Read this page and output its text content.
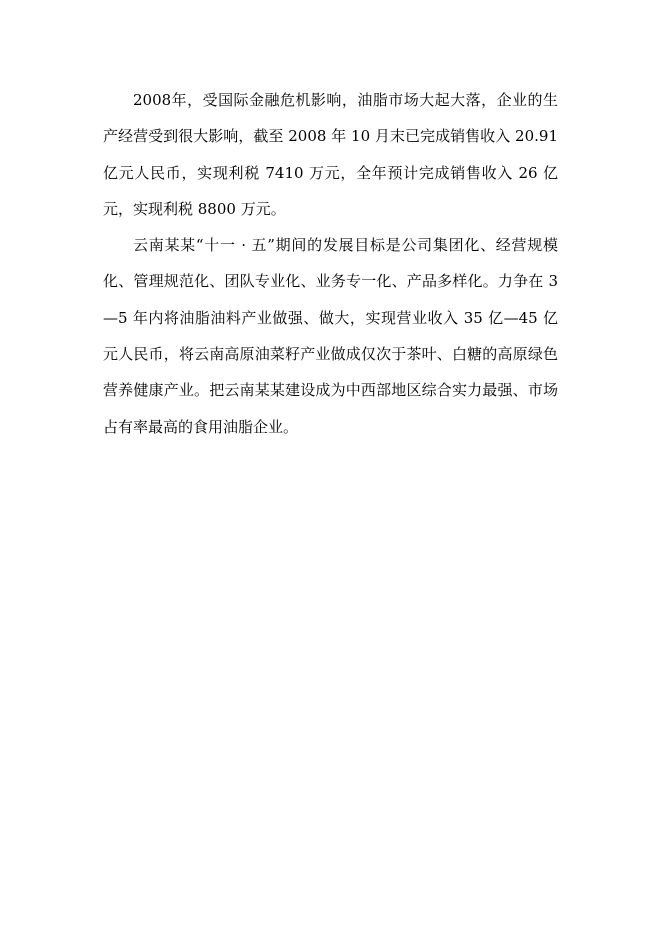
2008年，受国际金融危机影响，油脂市场大起大落，企业的生产经营受到很大影响，截至 2008 年 10 月末已完成销售收入 20.91 亿元人民币，实现利税 7410 万元，全年预计完成销售收入 26 亿元，实现利税 8800 万元。

云南某某“十一 · 五”期间的发展目标是公司集团化、经营规模化、管理规范化、团队专业化、业务专一化、产品多样化。力争在 3—5 年内将油脂油料产业做强、做大，实现营业收入 35 亿—45 亿元人民币，将云南高原油菜籽产业做成仅次于茶叶、白糖的高原绿色营养健康产业。把云南某某建设成为中西部地区综合实力最强、市场占有率最高的食用油脂企业。
